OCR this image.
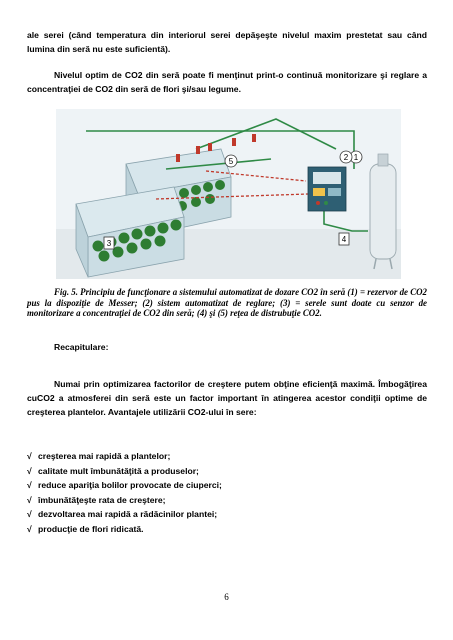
ale serei (când temperatura din interiorul serei depăşeşte nivelul maxim prestetat sau când lumina din seră nu este suficientă).

Nivelul optim de CO2 din seră poate fi menţinut print-o continuă monitorizare şi reglare a concentraţiei de CO2 din seră de flori şi/sau legume.

1
2
3	4
5

Fig. 5. Principiu de funcţionare a sistemului automatizat de dozare CO2 în seră (1) = rezervor de CO2 pus la dispoziţie de Messer; (2) sistem automatizat de reglare; (3) = serele sunt doate cu senzor de monitorizare a concentraţiei de CO2 din seră; (4) şi (5) reţea de distrubuţie CO2.

Recapitulare:

Numai prin optimizarea factorilor de creştere putem obţine eficienţă maximă. Îmbogăţirea cuCO2 a atmosferei din seră este un factor important în atingerea acestor condiţii optime de creşterea plantelor. Avantajele utilizării CO2-ului în sere:

√ creşterea mai rapidă a plantelor;
√ calitate mult îmbunătăţită a produselor;
√ reduce apariţia bolilor provocate de ciuperci;
√ îmbunătăţeşte rata de creştere;
√ dezvoltarea mai rapidă a rădăcinilor plantei;
√ producţie de flori ridicată.
6
